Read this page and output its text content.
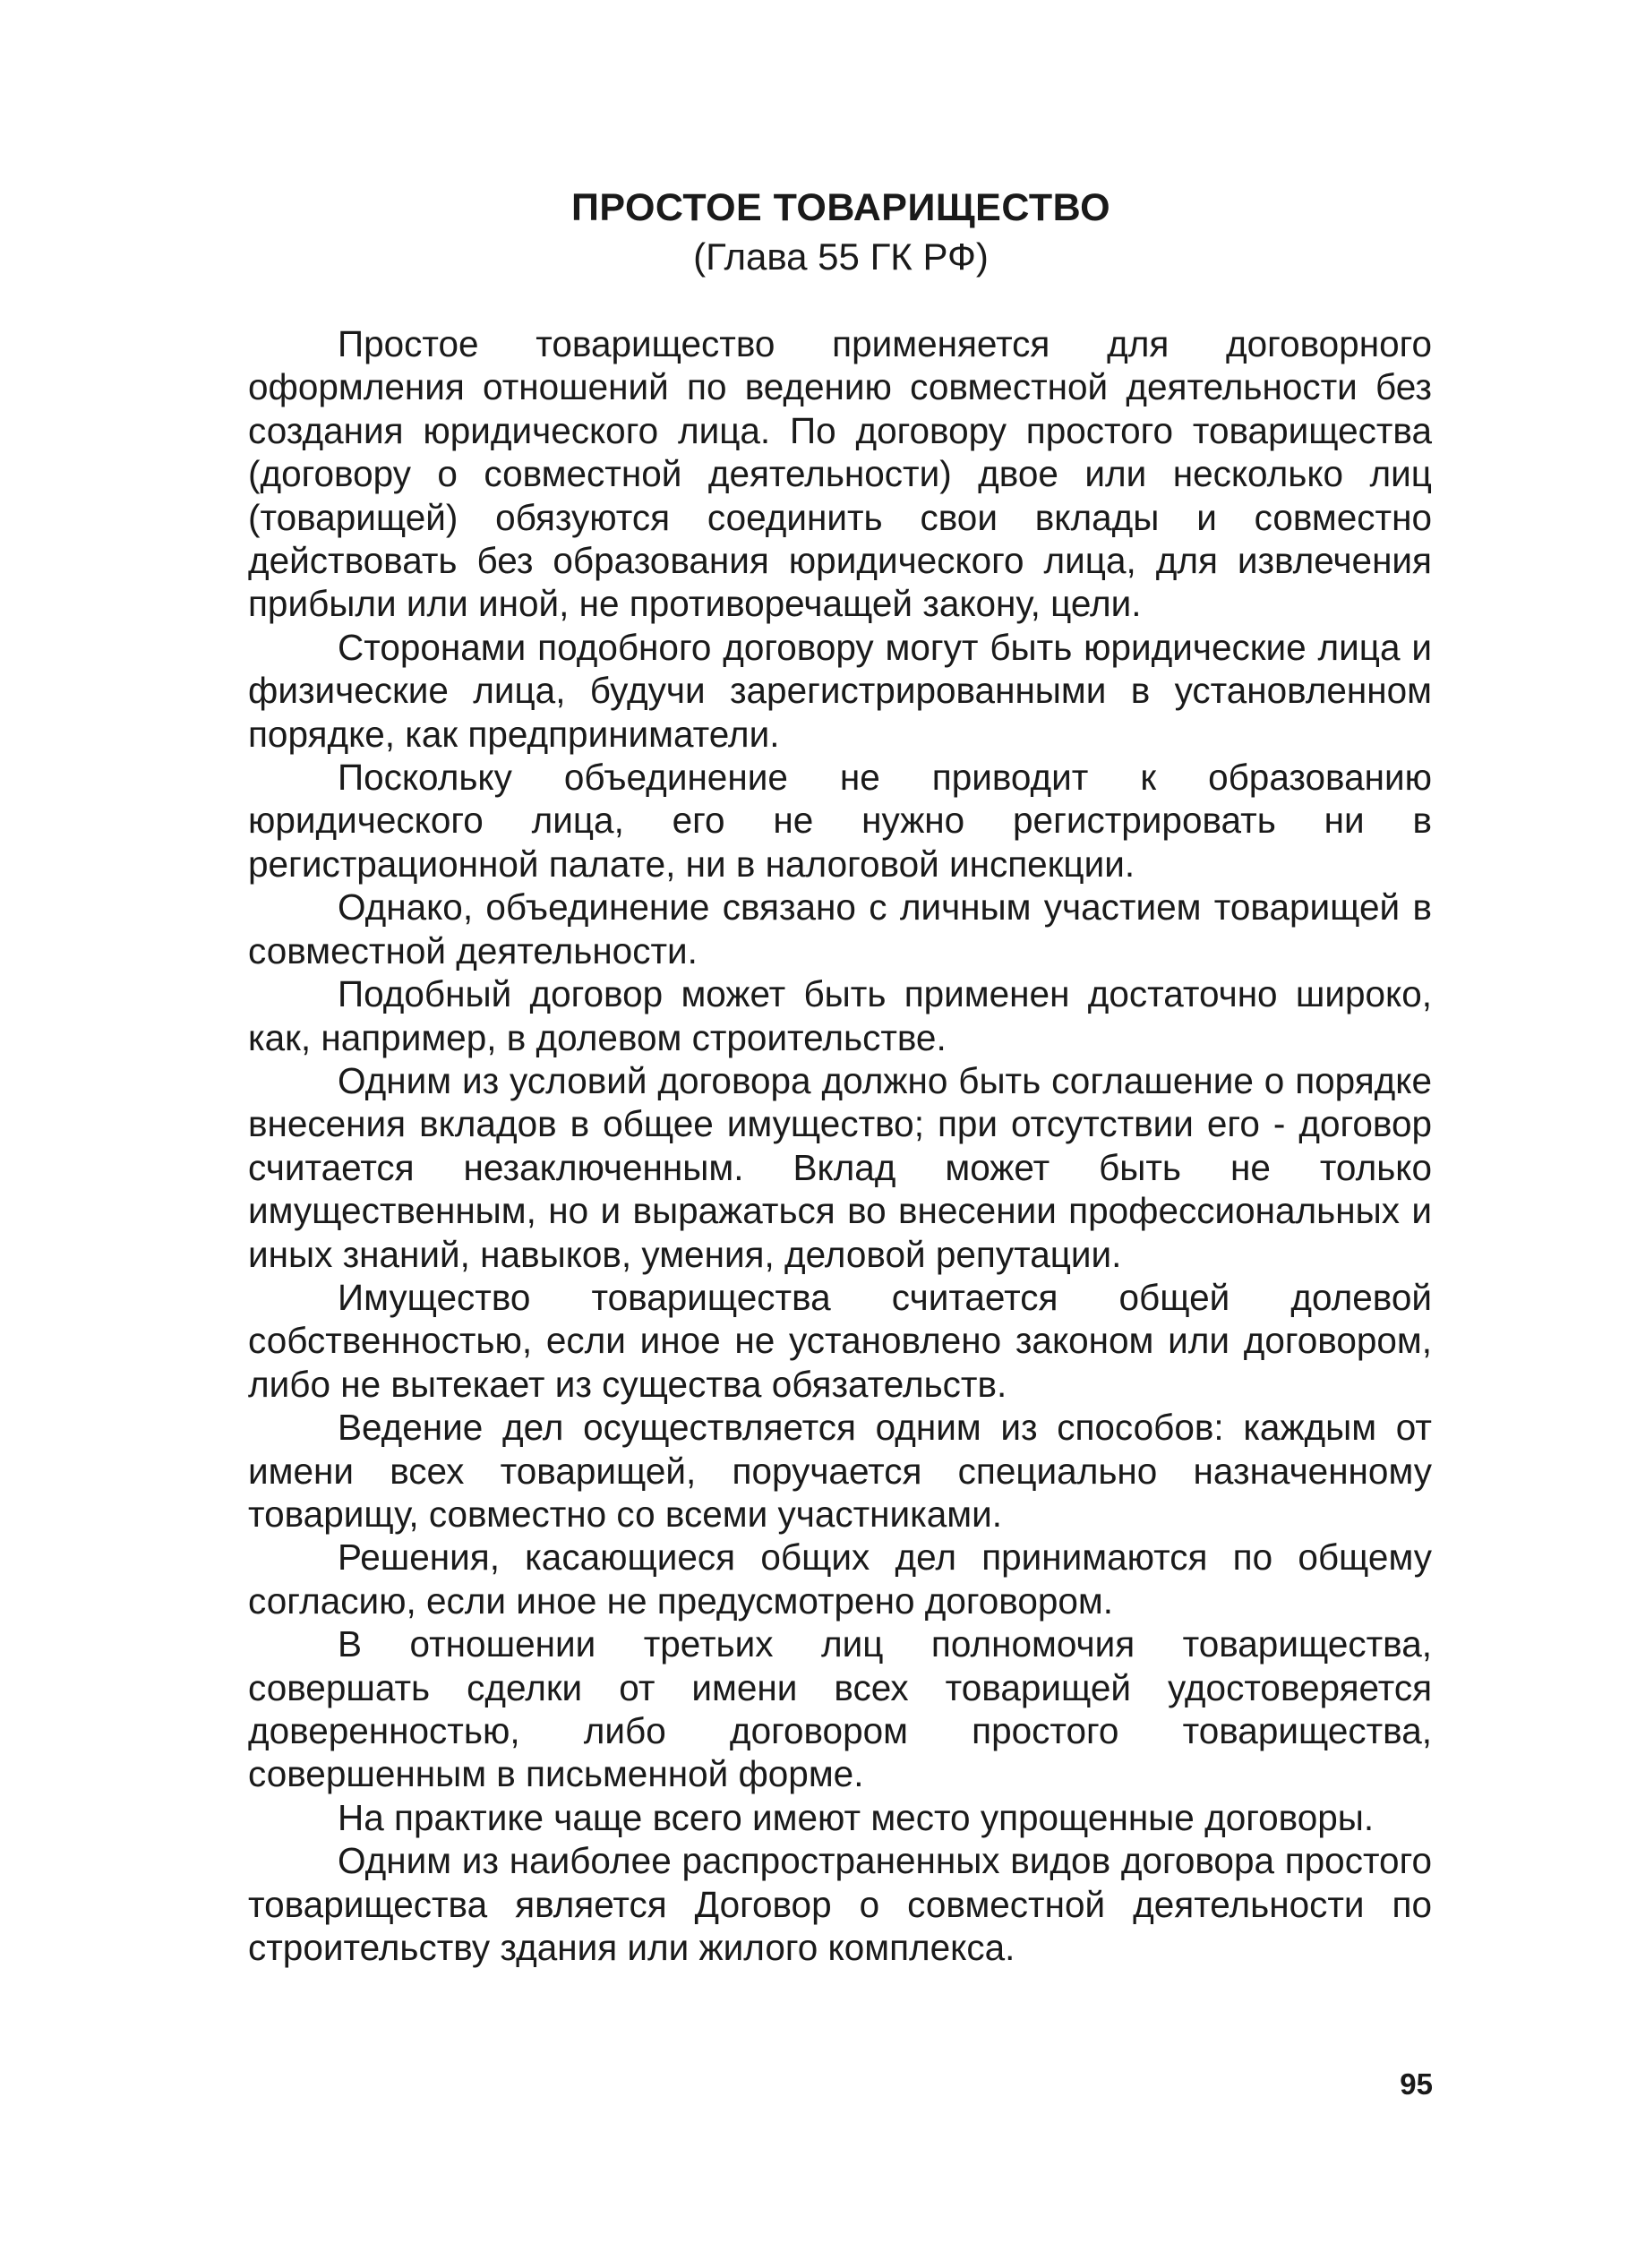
ПРОСТОЕ ТОВАРИЩЕСТВО
(Глава 55 ГК РФ)

Простое товарищество применяется для договорного оформления отношений по ведению совместной деятельности без создания юридического лица. По договору простого товарищества (договору о совместной деятельности) двое или несколько лиц (товарищей) обязуются соединить свои вклады и совместно действовать без образования юридического лица, для извлечения прибыли или иной, не противоречащей закону, цели.

Сторонами подобного договору могут быть юридические лица и физические лица, будучи зарегистрированными в установленном порядке, как предприниматели.

Поскольку объединение не приводит к образованию юридического лица, его не нужно регистрировать ни в регистрационной палате, ни в налоговой инспекции.

Однако, объединение связано с личным участием товарищей в совместной деятельности.

Подобный договор может быть применен достаточно широко, как, например, в долевом строительстве.

Одним из условий договора должно быть соглашение о порядке внесения вкладов в общее имущество; при отсутствии его - договор считается незаключенным. Вклад может быть не только имущественным, но и выражаться во внесении профессиональных и иных знаний, навыков, умения, деловой репутации.

Имущество товарищества считается общей долевой собственностью, если иное не установлено законом или договором, либо не вытекает из существа обязательств.

Ведение дел осуществляется одним из способов: каждым от имени всех товарищей, поручается специально назначенному товарищу, совместно со всеми участниками.

Решения, касающиеся общих дел принимаются по общему согласию, если иное не предусмотрено договором.

В отношении третьих лиц полномочия товарищества, совершать сделки от имени всех товарищей удостоверяется доверенностью, либо договором простого товарищества, совершенным в письменной форме.

На практике чаще всего имеют место упрощенные договоры.

Одним из наиболее распространенных видов договора простого товарищества является Договор о совместной деятельности по строительству здания или жилого комплекса.

95
